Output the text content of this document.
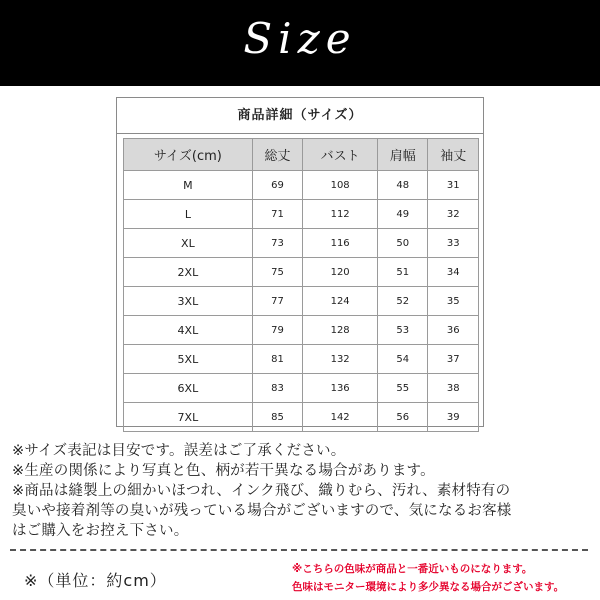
Size
商品詳細（サイズ）
サイズ(cm)	総丈	バスト	肩幅	袖丈
M	69	108	48	31
L	71	112	49	32
XL	73	116	50	33
2XL	75	120	51	34
3XL	77	124	52	35
4XL	79	128	53	36
5XL	81	132	54	37
6XL	83	136	55	38
7XL	85	142	56	39
※サイズ表記は目安です。誤差はご了承ください。
※生産の関係により写真と色、柄が若干異なる場合があります。
※商品は縫製上の細かいほつれ、インク飛び、織りむら、汚れ、素材特有の
臭いや接着剤等の臭いが残っている場合がございますので、気になるお客様
はご購入をお控え下さい。
※（単位：約cm）
※こちらの色味が商品と一番近いものになります。
色味はモニター環境により多少異なる場合がございます。
